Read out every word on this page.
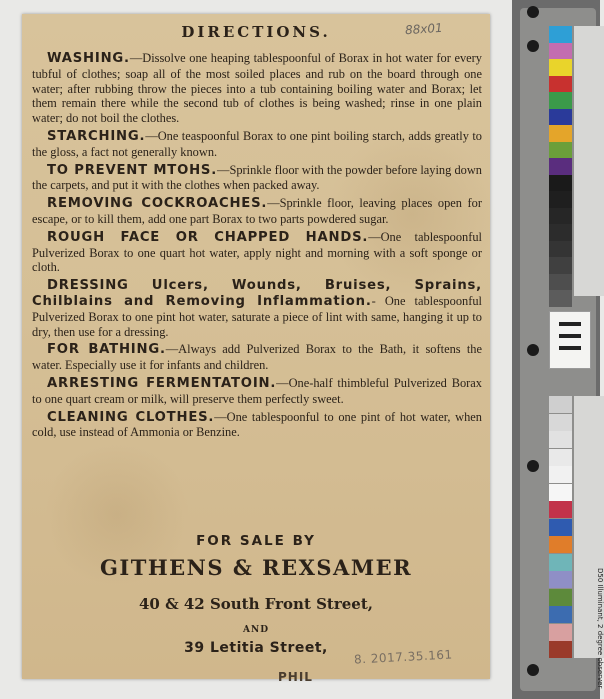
DIRECTIONS.	88x01

WASHING.—Dissolve one heaping tablespoonful of Borax in hot water for every tubful of clothes; soap all of the most soiled places and rub on the board through one water; after rubbing throw the pieces into a tub containing boiling water and Borax; let them remain there while the second tub of clothes is being washed; rinse in one plain water; do not boil the clothes.

STARCHING.—One teaspoonful Borax to one pint boiling starch, adds greatly to the gloss, a fact not generally known.

TO PREVENT MTOHS.—Sprinkle floor with the powder before laying down the carpets, and put it with the clothes when packed away.

REMOVING COCKROACHES.—Sprinkle floor, leaving places open for escape, or to kill them, add one part Borax to two parts powdered sugar.

ROUGH FACE OR CHAPPED HANDS.—One tablespoonful Pulverized Borax to one quart hot water, apply night and morning with a soft sponge or cloth.

DRESSING Ulcers, Wounds, Bruises, Sprains, Chilblains and Removing Inflammation.- One tablespoonful Pulverized Borax to one pint hot water, saturate a piece of lint with same, hanging it up to dry, then use for a dressing.

FOR BATHING.—Always add Pulverized Borax to the Bath, it softens the water. Especially use it for infants and children.

ARRESTING FERMENTATOIN.—One-half thimbleful Pulverized Borax to one quart cream or milk, will preserve them perfectly sweet.

CLEANING CLOTHES.—One tablespoonful to one pint of hot water, when cold, use instead of Ammonia or Benzine.

FOR SALE BY
GITHENS & REXSAMER
40 & 42 South Front Street,
AND
39 Letitia Street,
PHIL
8. 2017.35.161	D50 Illuminant, 2 degree observer
